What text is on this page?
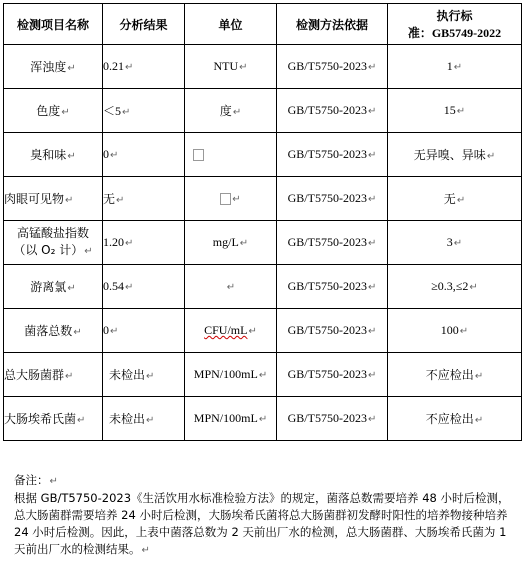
检测项目名称	分析结果	单位	检测方法依据	执行标
准：GB5749-2022

浑浊度↵	0.21↵	NTU↵	GB/T5750-2023↵	1↵
色度↵	＜5↵	度↵	GB/T5750-2023↵	15↵
臭和味↵	0↵		GB/T5750-2023↵	无异嗅、异味↵
肉眼可见物↵	无↵	↵	GB/T5750-2023↵	无↵
高锰酸盐指数
（以 O₂ 计）↵	1.20↵	mg/L↵	GB/T5750-2023↵	3↵
游离氯↵	0.54↵	↵	GB/T5750-2023↵	≥0.3,≤2↵
菌落总数↵	0↵	CFU/mL↵	GB/T5750-2023↵	100↵
总大肠菌群↵	未检出↵	MPN/100mL↵	GB/T5750-2023↵	不应检出↵
大肠埃希氏菌↵	未检出↵	MPN/100mL↵	GB/T5750-2023↵	不应检出↵

备注：↵

根据 GB/T5750-2023《生活饮用水标准检验方法》的规定，菌落总数需要培养 48 小时后检测，总大肠菌群需要培养 24 小时后检测，大肠埃希氏菌将总大肠菌群初发酵时阳性的培养物接种培养 24 小时后检测。因此，上表中菌落总数为 2 天前出厂水的检测，总大肠菌群、大肠埃希氏菌为 1 天前出厂水的检测结果。↵
